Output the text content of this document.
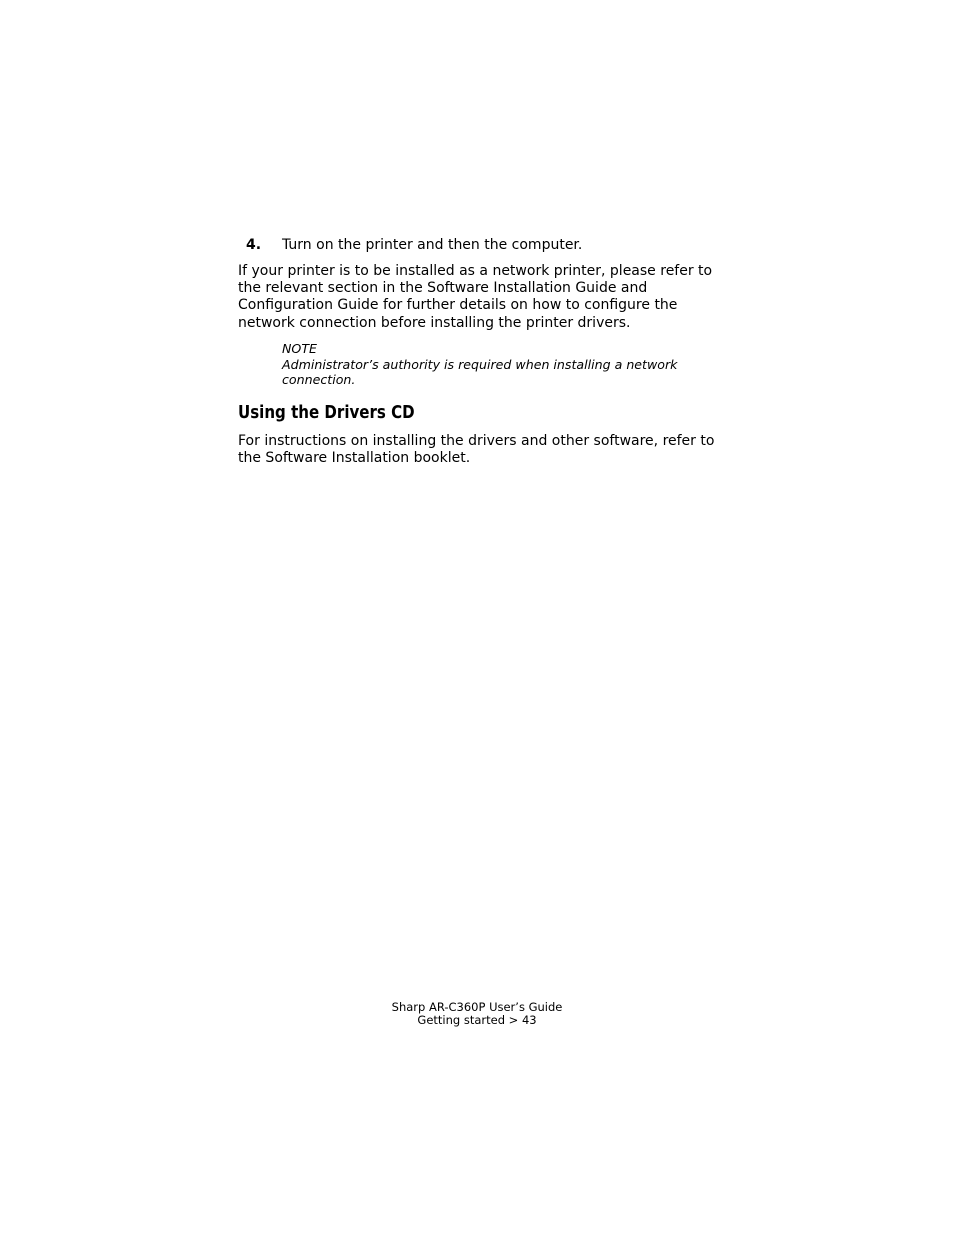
4. Turn on the printer and then the computer.

If your printer is to be installed as a network printer, please refer to the relevant section in the Software Installation Guide and Configuration Guide for further details on how to configure the network connection before installing the printer drivers.

NOTE
Administrator’s authority is required when installing a network connection.
Using the Drivers CD

For instructions on installing the drivers and other software, refer to the Software Installation booklet.

Sharp AR-C360P User’s Guide
Getting started > 43
